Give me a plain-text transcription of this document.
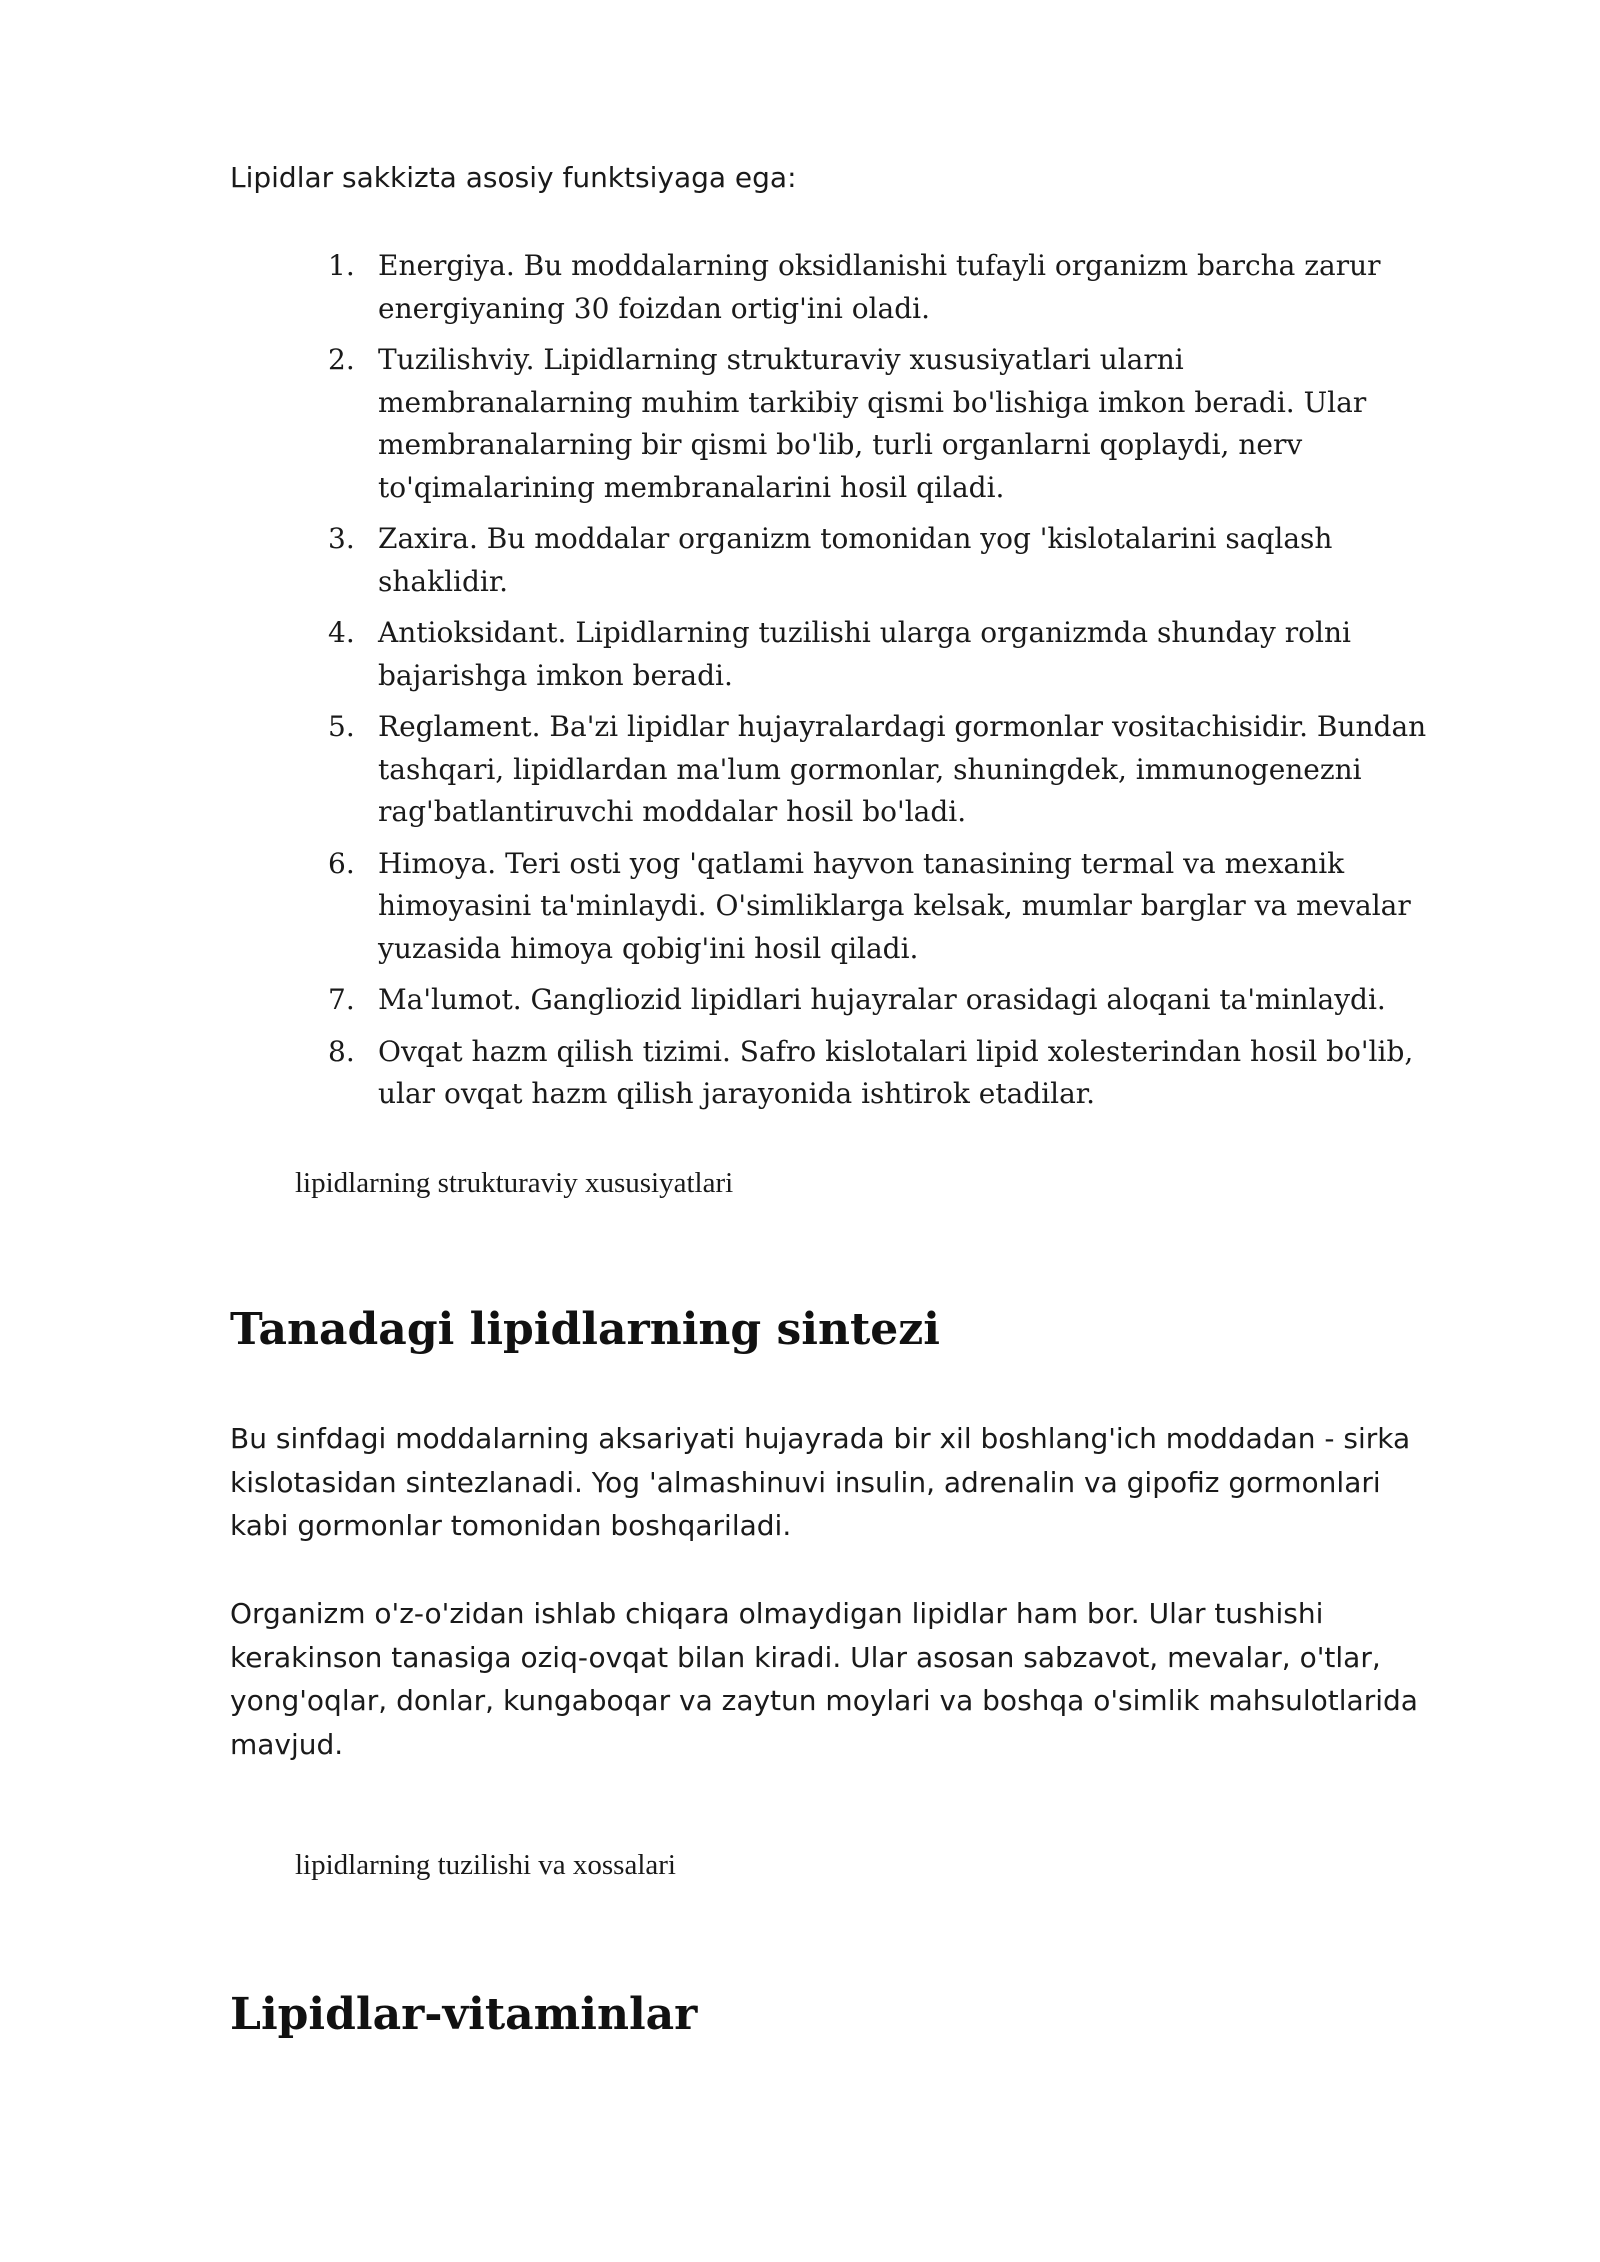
Lipidlar sakkizta asosiy funktsiyaga ega:

1. Energiya. Bu moddalarning oksidlanishi tufayli organizm barcha zarur
energiyaning 30 foizdan ortig'ini oladi.
2. Tuzilishviy. Lipidlarning strukturaviy xususiyatlari ularni
membranalarning muhim tarkibiy qismi bo'lishiga imkon beradi. Ular
membranalarning bir qismi bo'lib, turli organlarni qoplaydi, nerv
to'qimalarining membranalarini hosil qiladi.
3. Zaxira. Bu moddalar organizm tomonidan yog 'kislotalarini saqlash
shaklidir.
4. Antioksidant. Lipidlarning tuzilishi ularga organizmda shunday rolni
bajarishga imkon beradi.
5. Reglament. Ba'zi lipidlar hujayralardagi gormonlar vositachisidir. Bundan
tashqari, lipidlardan ma'lum gormonlar, shuningdek, immunogenezni
rag'batlantiruvchi moddalar hosil bo'ladi.
6. Himoya. Teri osti yog 'qatlami hayvon tanasining termal va mexanik
himoyasini ta'minlaydi. O'simliklarga kelsak, mumlar barglar va mevalar
yuzasida himoya qobig'ini hosil qiladi.
7. Ma'lumot. Gangliozid lipidlari hujayralar orasidagi aloqani ta'minlaydi.
8. Ovqat hazm qilish tizimi. Safro kislotalari lipid xolesterindan hosil bo'lib,
ular ovqat hazm qilish jarayonida ishtirok etadilar.

lipidlarning strukturaviy xususiyatlari

Tanadagi lipidlarning sintezi

Bu sinfdagi moddalarning aksariyati hujayrada bir xil boshlang'ich moddadan - sirka
kislotasidan sintezlanadi. Yog 'almashinuvi insulin, adrenalin va gipofiz gormonlari
kabi gormonlar tomonidan boshqariladi.

Organizm o'z-o'zidan ishlab chiqara olmaydigan lipidlar ham bor. Ular tushishi
kerakinson tanasiga oziq-ovqat bilan kiradi. Ular asosan sabzavot, mevalar, o'tlar,
yong'oqlar, donlar, kungaboqar va zaytun moylari va boshqa o'simlik mahsulotlarida
mavjud.

lipidlarning tuzilishi va xossalari

Lipidlar-vitaminlar
